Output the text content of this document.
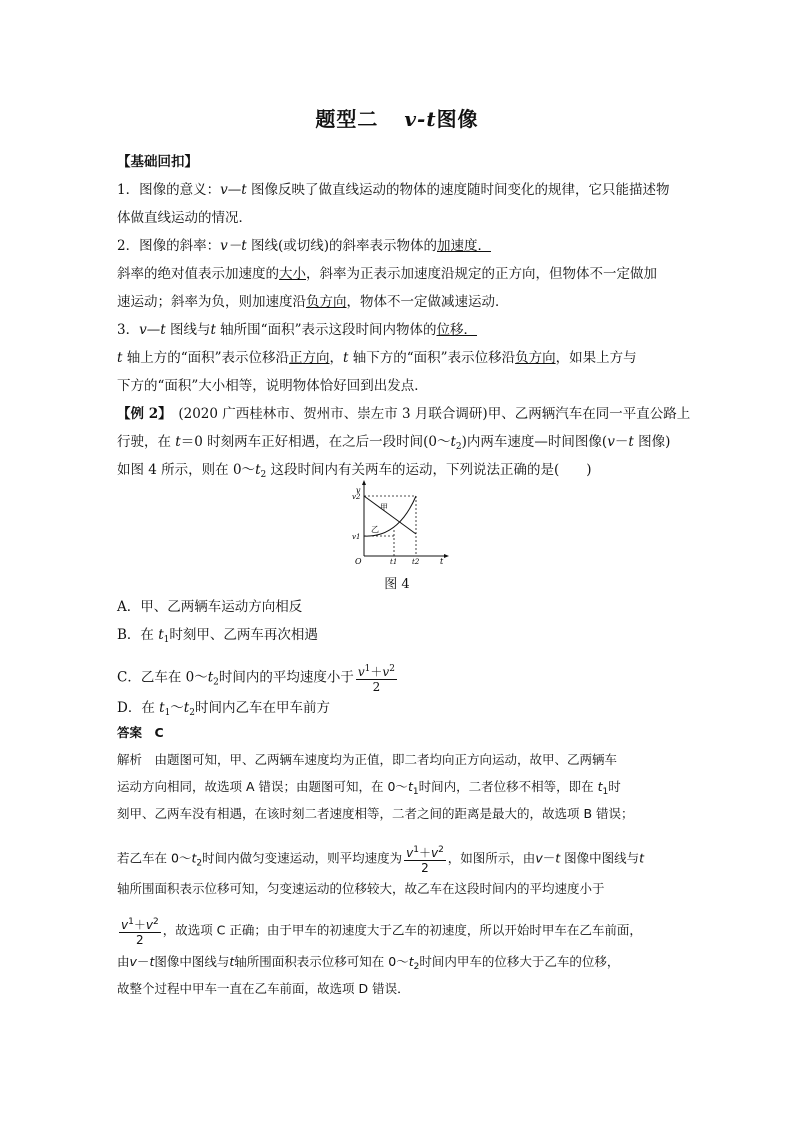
题型二 v-t图像
【基础回扣】
1．图像的意义：v—t 图像反映了做直线运动的物体的速度随时间变化的规律，它只能描述物
体做直线运动的情况．
2．图像的斜率：v－t 图线(或切线)的斜率表示物体的加速度．
斜率的绝对值表示加速度的大小，斜率为正表示加速度沿规定的正方向，但物体不一定做加
速运动；斜率为负，则加速度沿负方向，物体不一定做减速运动．
3．v—t 图线与t 轴所围“面积”表示这段时间内物体的位移．
t 轴上方的“面积”表示位移沿正方向，t 轴下方的“面积”表示位移沿负方向，如果上方与
下方的“面积”大小相等，说明物体恰好回到出发点．
【例 2】　(2020 广西桂林市、贺州市、崇左市 3 月联合调研)甲、乙两辆汽车在同一平直公路上
行驶，在 t＝0 时刻两车正好相遇，在之后一段时间$(0\sim t_2)$内两车速度—时间图像(v－t 图像)
如图 4 所示，则在 $0\sim t_2$ 这段时间内有关两车的运动，下列说法正确的是(　　)
v
v2
v1
甲
乙
O	t1 t2	t
图 4
A．甲、乙两辆车运动方向相反
B．在 $t_1$时刻甲、乙两车再次相遇
C．乙车在 $0\sim t_2$时间内的平均速度小于 $\frac{v^1+v^2}{2}$
D．在 $t_1\sim t_2$时间内乙车在甲车前方
答案　C
解析　由题图可知，甲、乙两辆车速度均为正值，即二者均向正方向运动，故甲、乙两辆车
运动方向相同，故选项 A 错误；由题图可知，在 $0\sim t_1$时间内，二者位移不相等，即在 $t_1$时
刻甲、乙两车没有相遇，在该时刻二者速度相等，二者之间的距离是最大的，故选项 B 错误；
若乙车在 $0\sim t_2$时间内做匀变速运动，则平均速度为 $\frac{v^1+v^2}{2}$ ，如图所示，由v－t 图像中图线与t
轴所围面积表示位移可知，匀变速运动的位移较大，故乙车在这段时间内的平均速度小于
$\frac{v^1+v^2}{2}$ ，故选项 C 正确；由于甲车的初速度大于乙车的初速度，所以开始时甲车在乙车前面，
由v－t图像中图线与t轴所围面积表示位移可知在 $0\sim t_2$时间内甲车的位移大于乙车的位移，
故整个过程中甲车一直在乙车前面，故选项 D 错误．
